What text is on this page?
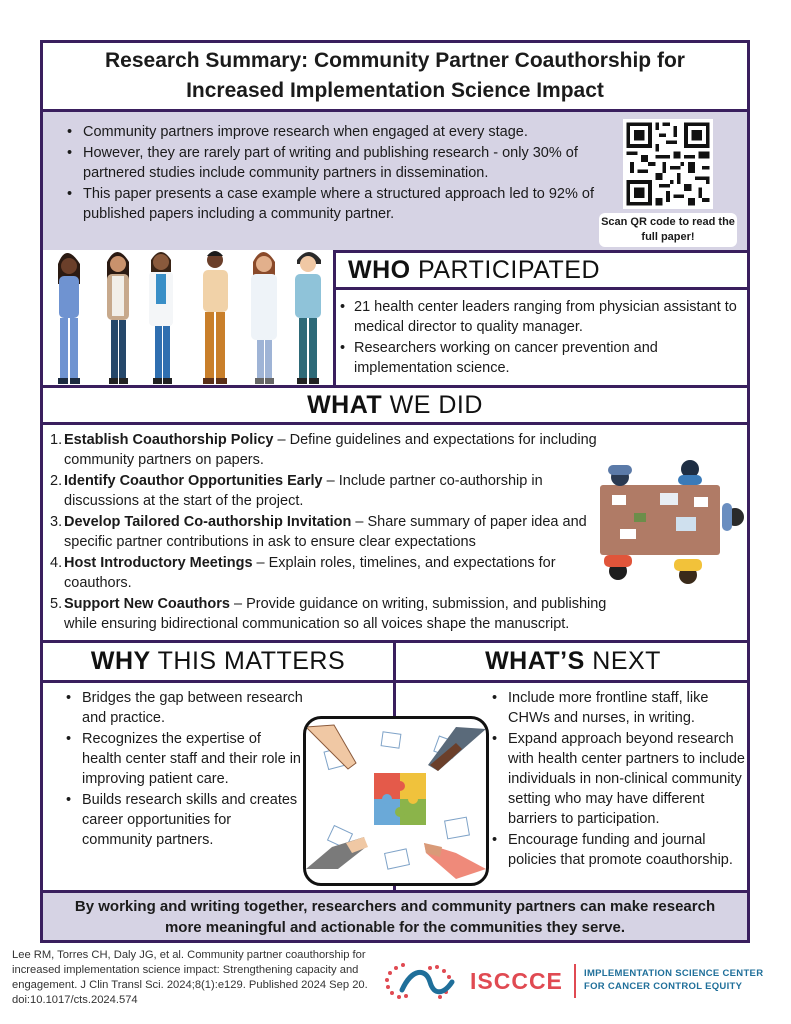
Research Summary: Community Partner Coauthorship for Increased Implementation Science Impact
• Community partners improve research when engaged at every stage.
• However, they are rarely part of writing and publishing research - only 30% of partnered studies include community partners in dissemination.
• This paper presents a case example where a structured approach led to 92% of published papers including a community partner.	Scan QR code to read the full paper!
WHO PARTICIPATED
• 21 health center leaders ranging from physician assistant to medical director to quality manager.
• Researchers working on cancer prevention and implementation science.
WHAT WE DID
1. Establish Coauthorship Policy – Define guidelines and expectations for including community partners on papers.
2. Identify Coauthor Opportunities Early – Include partner co-authorship in discussions at the start of the project.
3. Develop Tailored Co-authorship Invitation – Share summary of paper idea and specific partner contributions in ask to ensure clear expectations
4. Host Introductory Meetings – Explain roles, timelines, and expectations for coauthors.
5. Support New Coauthors – Provide guidance on writing, submission, and publishing while ensuring bidirectional communication so all voices shape the manuscript.
WHY THIS MATTERS	WHAT’S NEXT
• Bridges the gap between research and practice.
• Recognizes the expertise of health center staff and their role in improving patient care.
• Builds research skills and creates career opportunities for community partners.
• Include more frontline staff, like CHWs and nurses, in writing.
• Expand approach beyond research with health center partners to include individuals in non-clinical community setting who may have different barriers to participation.
• Encourage funding and journal policies that promote coauthorship.

By working and writing together, researchers and community partners can make research more meaningful and actionable for the communities they serve.

Lee RM, Torres CH, Daly JG, et al. Community partner coauthorship for increased implementation science impact: Strengthening capacity and engagement. J Clin Transl Sci. 2024;8(1):e129. Published 2024 Sep 20. doi:10.1017/cts.2024.574
ISCCCE IMPLEMENTATION SCIENCE CENTER
FOR CANCER CONTROL EQUITY
